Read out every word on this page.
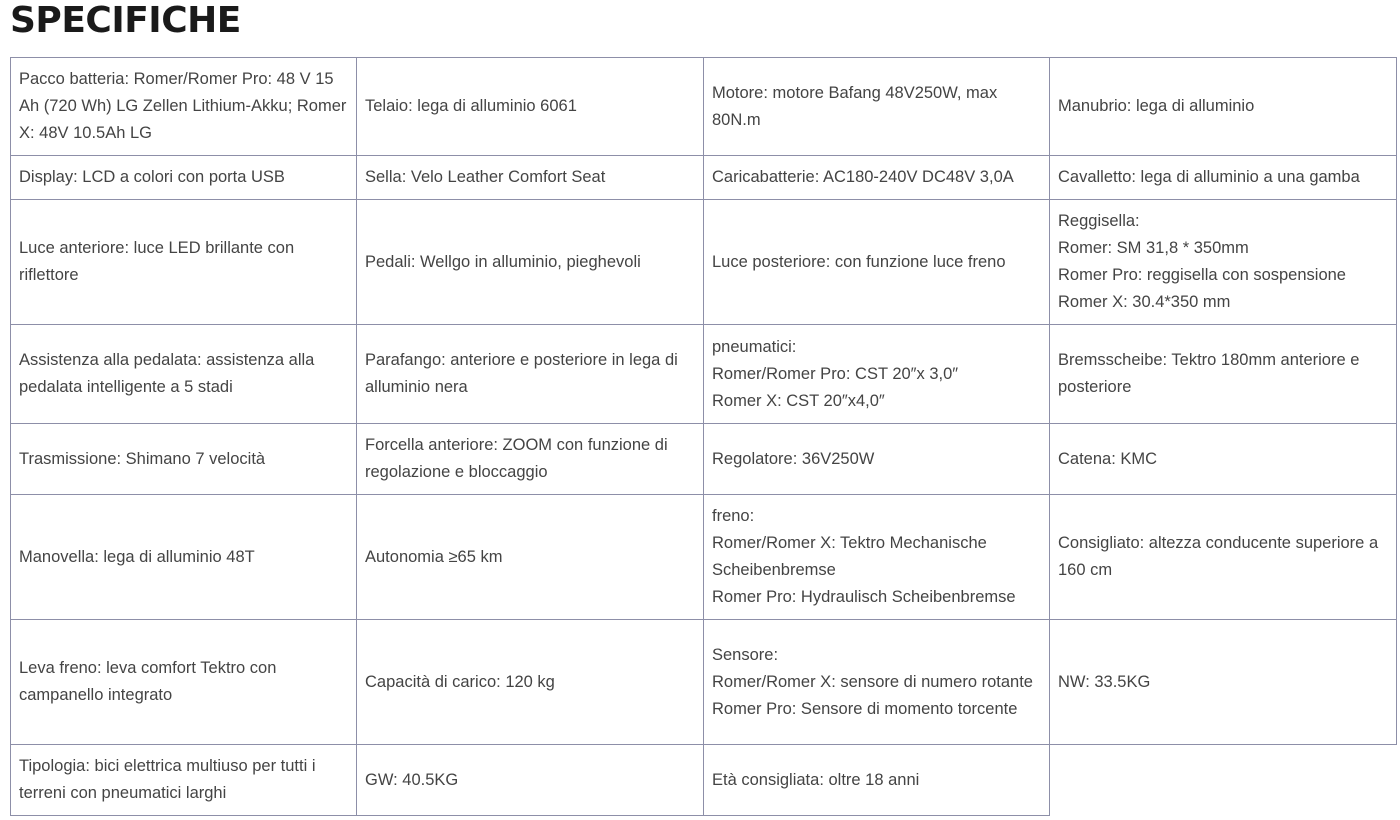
SPECIFICHE
Pacco batteria: Romer/Romer Pro: 48 V 15 Ah (720 Wh) LG Zellen Lithium-Akku; Romer X: 48V 10.5Ah LG	Telaio: lega di alluminio 6061	Motore: motore Bafang 48V250W, max 80N.m	Manubrio: lega di alluminio

Display: LCD a colori con porta USB	Sella: Velo Leather Comfort Seat	Caricabatterie: AC180-240V DC48V 3,0A	Cavalletto: lega di alluminio a una gamba

Luce anteriore: luce LED brillante con riflettore	Pedali: Wellgo in alluminio, pieghevoli	Luce posteriore: con funzione luce freno	Reggisella:
Romer: SM 31,8 * 350mm
Romer Pro: reggisella con sospensione
Romer X: 30.4*350 mm

Assistenza alla pedalata: assistenza alla pedalata intelligente a 5 stadi	Parafango: anteriore e posteriore in lega di alluminio nera	pneumatici:
Romer/Romer Pro: CST 20″x 3,0″
Romer X: CST 20″x4,0″	Bremsscheibe: Tektro 180mm anteriore e posteriore

Trasmissione: Shimano 7 velocità	Forcella anteriore: ZOOM con funzione di regolazione e bloccaggio	Regolatore: 36V250W	Catena: KMC

Manovella: lega di alluminio 48T	Autonomia ≥65 km	freno:
Romer/Romer X: Tektro Mechanische Scheibenbremse
Romer Pro: Hydraulisch Scheibenbremse	Consigliato: altezza conducente superiore a 160 cm

Leva freno: leva comfort Tektro con campanello integrato	Capacità di carico: 120 kg	Sensore:
Romer/Romer X: sensore di numero rotante
Romer Pro: Sensore di momento torcente	NW: 33.5KG

Tipologia: bici elettrica multiuso per tutti i terreni con pneumatici larghi	GW: 40.5KG	Età consigliata: oltre 18 anni	
